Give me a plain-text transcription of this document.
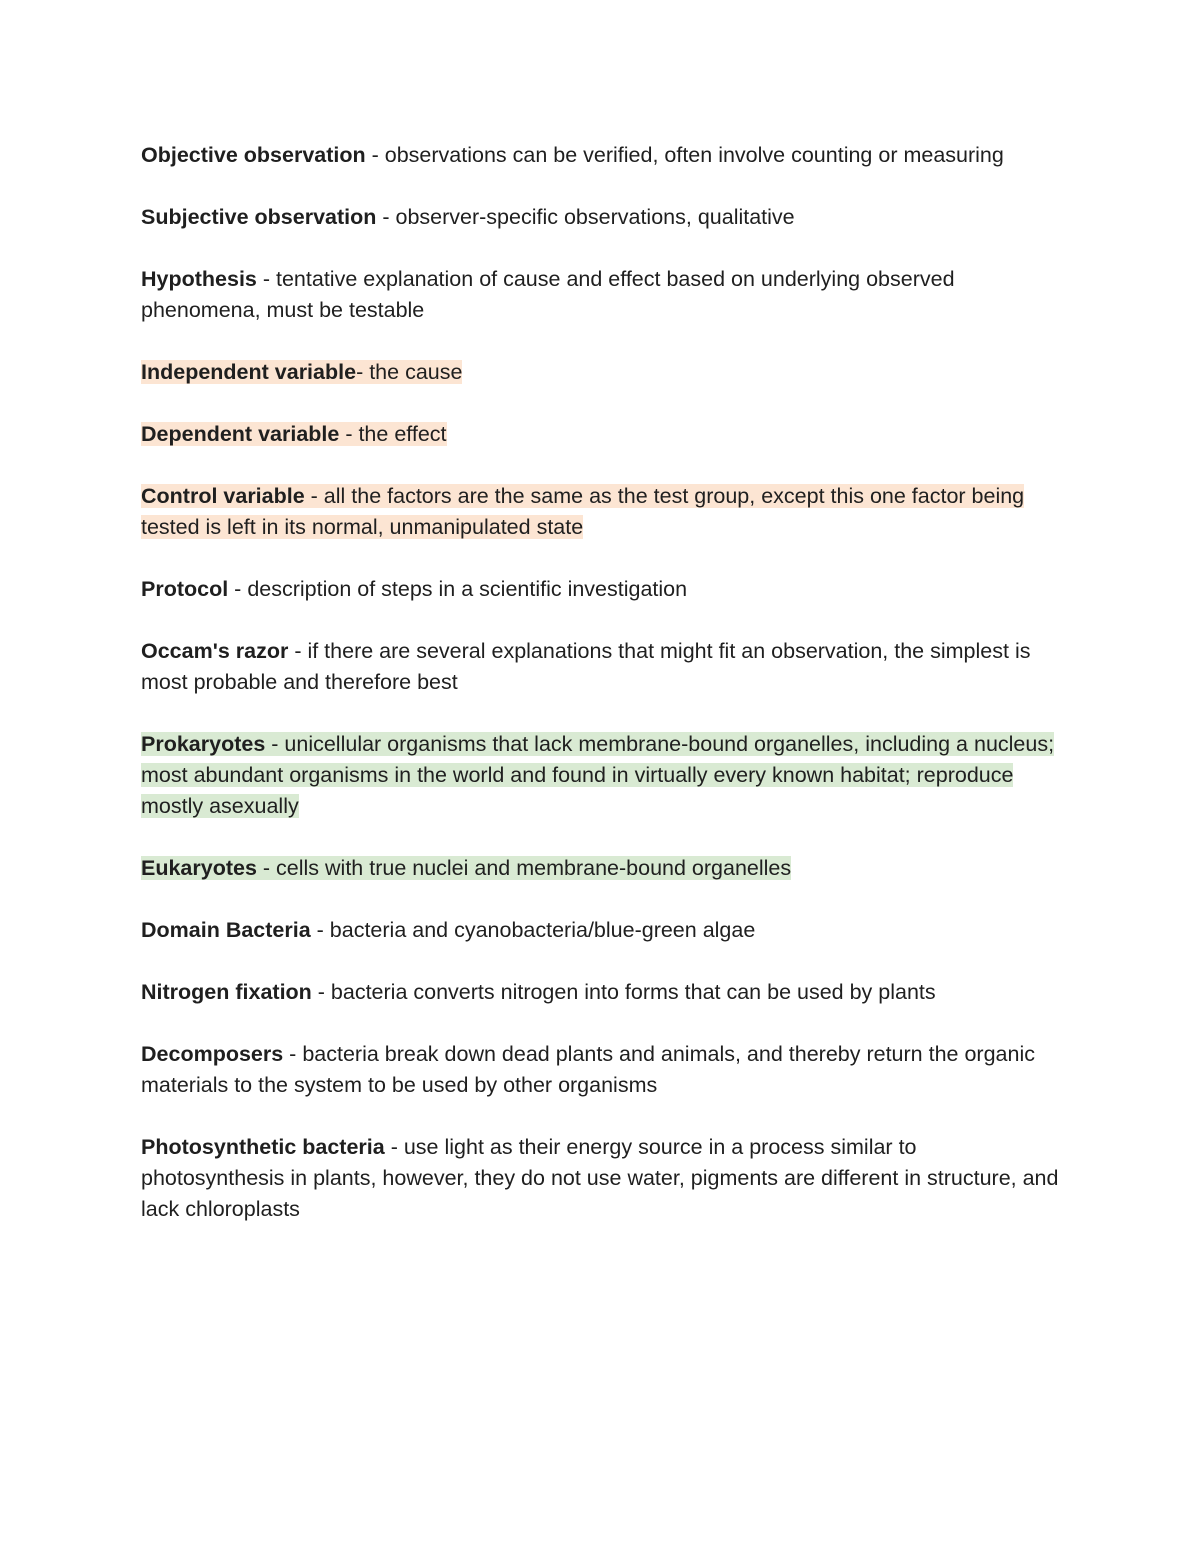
Objective observation - observations can be verified, often involve counting or measuring

Subjective observation - observer-specific observations, qualitative

Hypothesis - tentative explanation of cause and effect based on underlying observed phenomena, must be testable

Independent variable- the cause

Dependent variable - the effect

Control variable - all the factors are the same as the test group, except this one factor being tested is left in its normal, unmanipulated state

Protocol - description of steps in a scientific investigation

Occam's razor - if there are several explanations that might fit an observation, the simplest is most probable and therefore best

Prokaryotes - unicellular organisms that lack membrane-bound organelles, including a nucleus; most abundant organisms in the world and found in virtually every known habitat; reproduce mostly asexually

Eukaryotes - cells with true nuclei and membrane-bound organelles

Domain Bacteria - bacteria and cyanobacteria/blue-green algae

Nitrogen fixation - bacteria converts nitrogen into forms that can be used by plants

Decomposers - bacteria break down dead plants and animals, and thereby return the organic materials to the system to be used by other organisms

Photosynthetic bacteria - use light as their energy source in a process similar to photosynthesis in plants, however, they do not use water, pigments are different in structure, and lack chloroplasts
